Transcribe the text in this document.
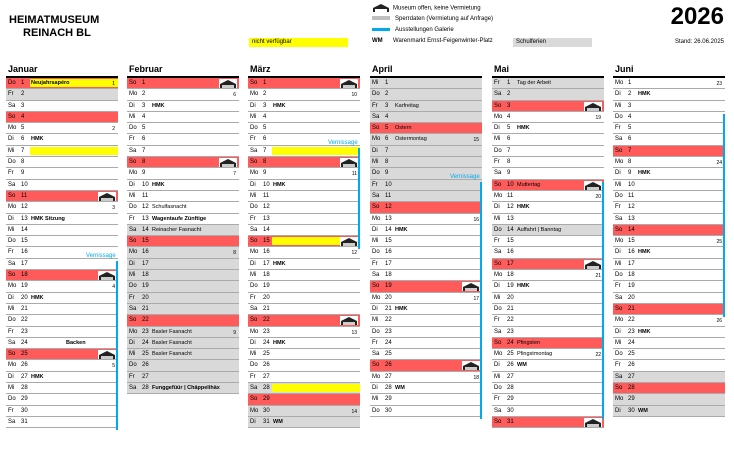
HEIMATMUSEUM
REINACH BL
nicht verfügbar
Museum offen, keine Vermietung
Sperrdaten (Vermietung auf Anfrage)
Ausstellungen Galerie
WM Warenmarkt Ernst-Feigenwinter-Platz	Schulferien
2026
Stand: 26.06.2025
Januar
Do 1 Neujahrsapéro	1
Fr 2
Sa 3
So 4
Mo 5	2
Di 6 HMK
Mi 7
Do 8
Fr 9
Sa 10
So 11
Mo 12	3
Di 13 HMK Sitzung
Mi 14
Do 15
Fr 16
Sa 17
So 18
Mo 19	4
Di 20 HMK
Mi 21
Do 22
Fr 23
Sa 24	Backen
So 25
Mo 26	5
Di 27 HMK
Mi 28
Do 29
Fr 30
Sa 31
Februar
So 1
Mo 2	6
Di 3 HMK
Mi 4
Do 5
Fr 6
Sa 7
So 8
Mo 9	7
Di 10 HMK
Mi 11
Do 12 Schulfasnacht
Fr 13 Wagentaufe Zünftige
Sa 14 Reinacher Fasnacht
So 15
Mo 16	8
Di 17
Mi 18
Do 19
Fr 20
Sa 21
So 22
Mo 23 Basler Fasnacht	9
Di 24 Basler Fasnacht
Mi 25 Basler Fasnacht
Do 26
Fr 27
Sa 28 Funggefüür | Chäppelihäx
März
So 1
Mo 2	10
Di 3 HMK
Mi 4
Do 5
Fr 6
Sa 7
So 8
Mo 9	11
Di 10 HMK
Mi 11
Do 12
Fr 13
Sa 14
So 15
Mo 16	12
Di 17 HMK
Mi 18
Do 19
Fr 20
Sa 21
So 22
Mo 23	13
Di 24 HMK
Mi 25
Do 26
Fr 27
Sa 28
So 29
Mo 30	14
Di 31 WM
April
Mi 1
Do 2
Fr 3 Karfreitag
Sa 4
So 5 Ostern
Mo 6 Ostermontag	15
Di 7
Mi 8
Do 9
Fr 10
Sa 11
So 12
Mo 13	16
Di 14 HMK
Mi 15
Do 16
Fr 17
Sa 18
So 19
Mo 20	17
Di 21 HMK
Mi 22
Do 23
Fr 24
Sa 25
So 26
Mo 27	18
Di 28 WM
Mi 29
Do 30
Mai
Fr 1 Tag der Arbeit
Sa 2
So 3
Mo 4	19
Di 5 HMK
Mi 6
Do 7
Fr 8
Sa 9
So 10 Muttertag
Mo 11	20
Di 12 HMK
Mi 13
Do 14 Auffahrt | Banntag
Fr 15
Sa 16
So 17
Mo 18	21
Di 19 HMK
Mi 20
Do 21
Fr 22
Sa 23
So 24 Pfingsten
Mo 25 Pfingstmontag	22
Di 26 WM
Mi 27
Do 28
Fr 29
Sa 30
So 31
Juni
Mo 1	23
Di 2 HMK
Mi 3
Do 4
Fr 5
Sa 6
So 7
Mo 8	24
Di 9 HMK
Mi 10
Do 11
Fr 12
Sa 13
So 14
Mo 15	25
Di 16 HMK
Mi 17
Do 18
Fr 19
Sa 20
So 21
Mo 22	26
Di 23 HMK
Mi 24
Do 25
Fr 26
Sa 27
So 28
Mo 29
Di 30 WM
Vernissage
Vernissage
Vernissage
